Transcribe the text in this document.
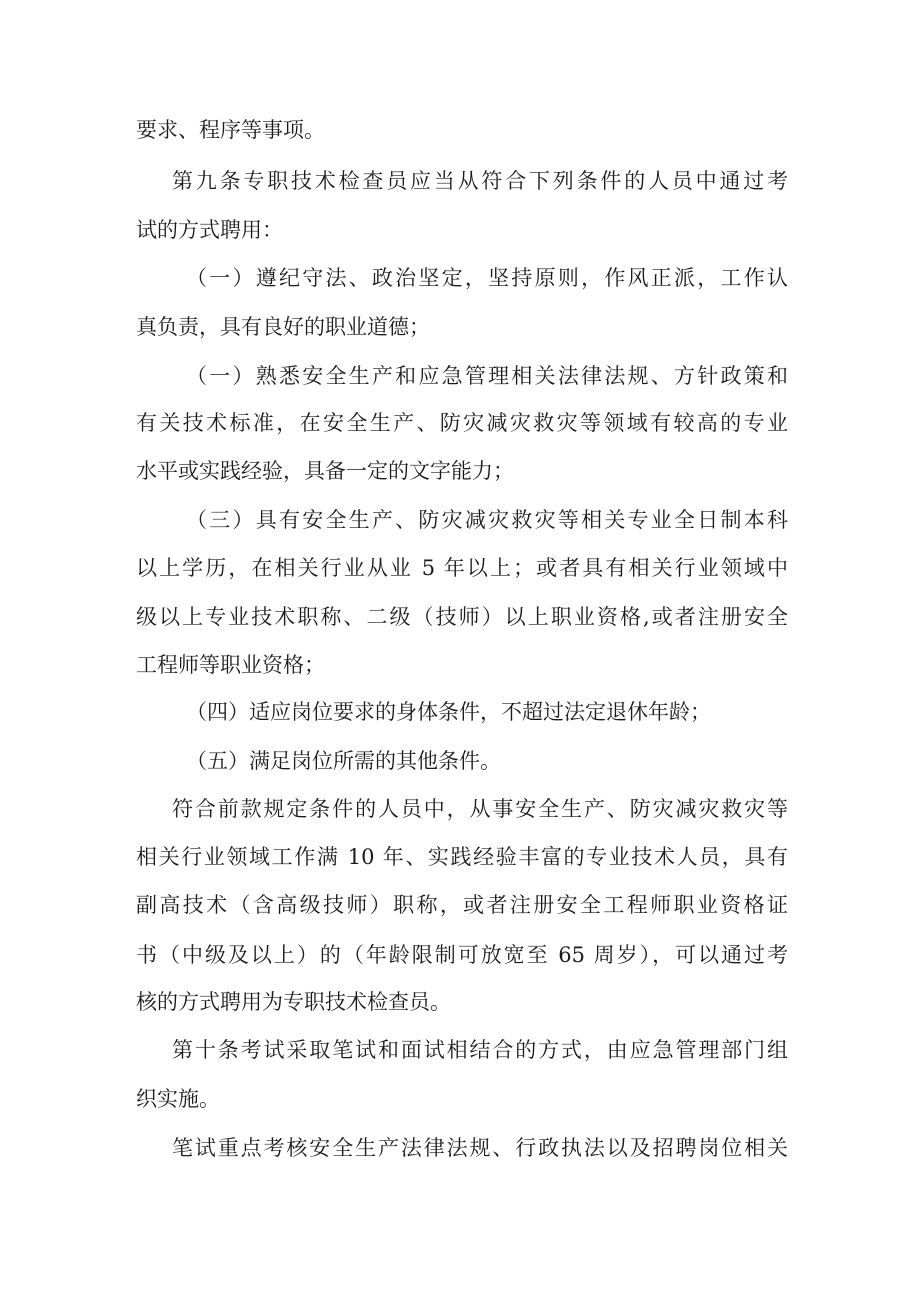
要求、程序等事项。
第九条专职技术检查员应当从符合下列条件的人员中通过考
试的方式聘用：
（一）遵纪守法、政治坚定，坚持原则，作风正派，工作认
真负责，具有良好的职业道德；
（一）熟悉安全生产和应急管理相关法律法规、方针政策和
有关技术标准，在安全生产、防灾减灾救灾等领域有较高的专业
水平或实践经验，具备一定的文字能力；
（三）具有安全生产、防灾减灾救灾等相关专业全日制本科
以上学历，在相关行业从业 5 年以上；或者具有相关行业领域中
级以上专业技术职称、二级（技师）以上职业资格,或者注册安全
工程师等职业资格；
（四）适应岗位要求的身体条件，不超过法定退休年龄；
（五）满足岗位所需的其他条件。
符合前款规定条件的人员中，从事安全生产、防灾减灾救灾等
相关行业领域工作满 10 年、实践经验丰富的专业技术人员，具有
副高技术（含高级技师）职称，或者注册安全工程师职业资格证
书（中级及以上）的（年龄限制可放宽至 65 周岁），可以通过考
核的方式聘用为专职技术检查员。
第十条考试采取笔试和面试相结合的方式，由应急管理部门组
织实施。
笔试重点考核安全生产法律法规、行政执法以及招聘岗位相关
